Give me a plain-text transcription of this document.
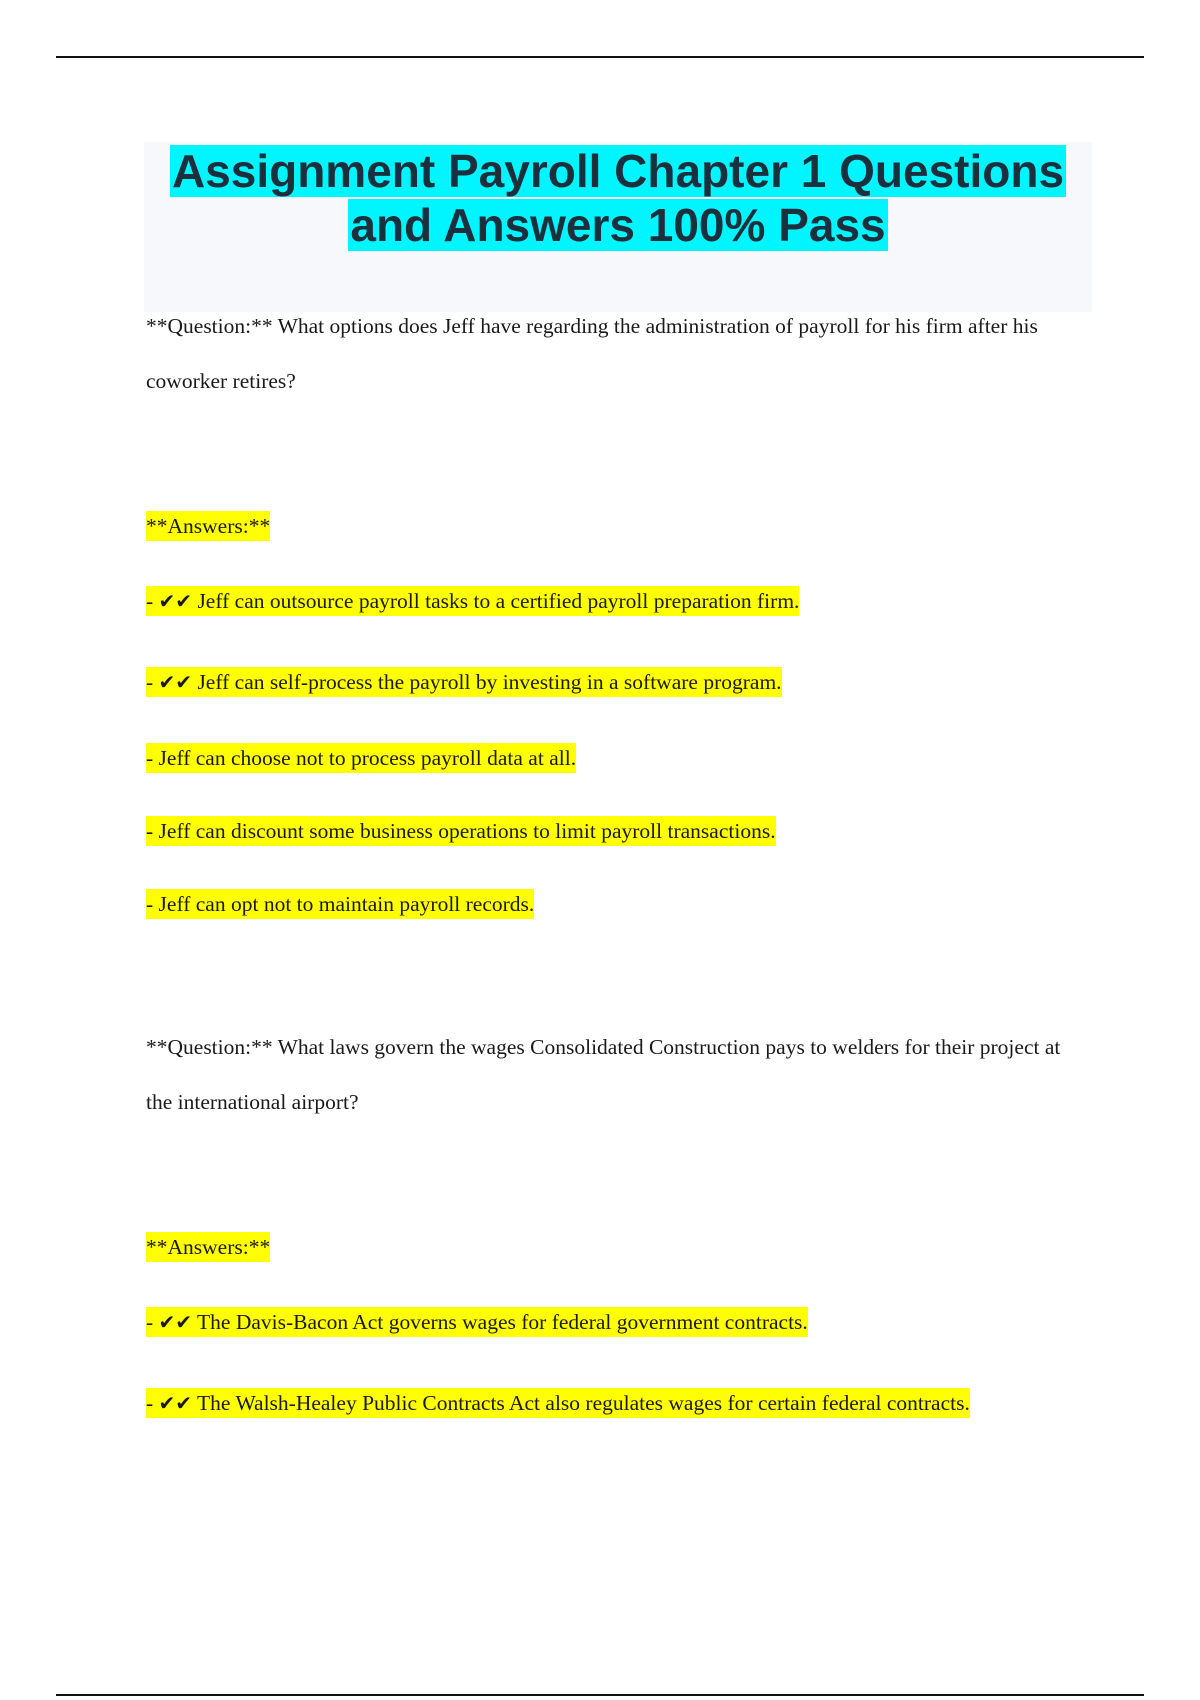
Assignment Payroll Chapter 1 Questions and Answers 100% Pass

**Question:** What options does Jeff have regarding the administration of payroll for his firm after his coworker retires?

**Answers:**

- ✔✔ Jeff can outsource payroll tasks to a certified payroll preparation firm.

- ✔✔ Jeff can self-process the payroll by investing in a software program.

- Jeff can choose not to process payroll data at all.

- Jeff can discount some business operations to limit payroll transactions.

- Jeff can opt not to maintain payroll records.

**Question:** What laws govern the wages Consolidated Construction pays to welders for their project at the international airport?

**Answers:**

- ✔✔ The Davis-Bacon Act governs wages for federal government contracts.

- ✔✔ The Walsh-Healey Public Contracts Act also regulates wages for certain federal contracts.
